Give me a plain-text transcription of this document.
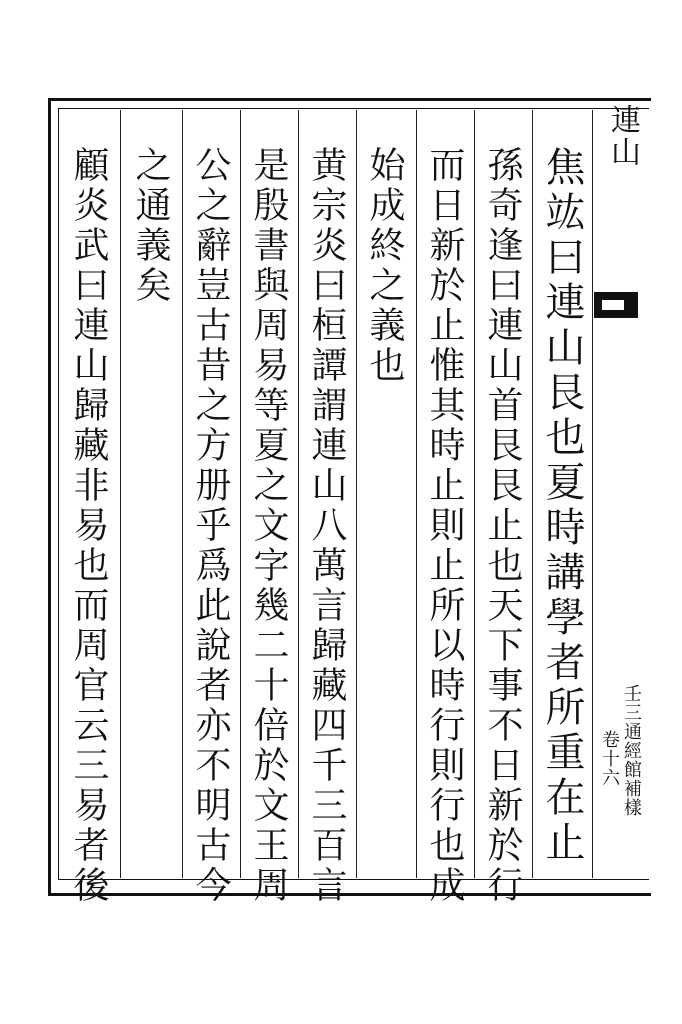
連山
壬三通經館補樣
卷十六
焦竑曰連山艮也夏時講學者所重在止
孫奇逢曰連山首艮艮止也天下事不日新於行
而日新於止惟其時止則止所以時行則行也成
始成終之義也
黄宗炎曰桓譚謂連山八萬言歸藏四千三百言
是殷書與周易等夏之文字幾二十倍於文王周
公之辭豈古昔之方册乎爲此說者亦不明古今
之通義矣
顧炎武曰連山歸藏非易也而周官云三易者後
